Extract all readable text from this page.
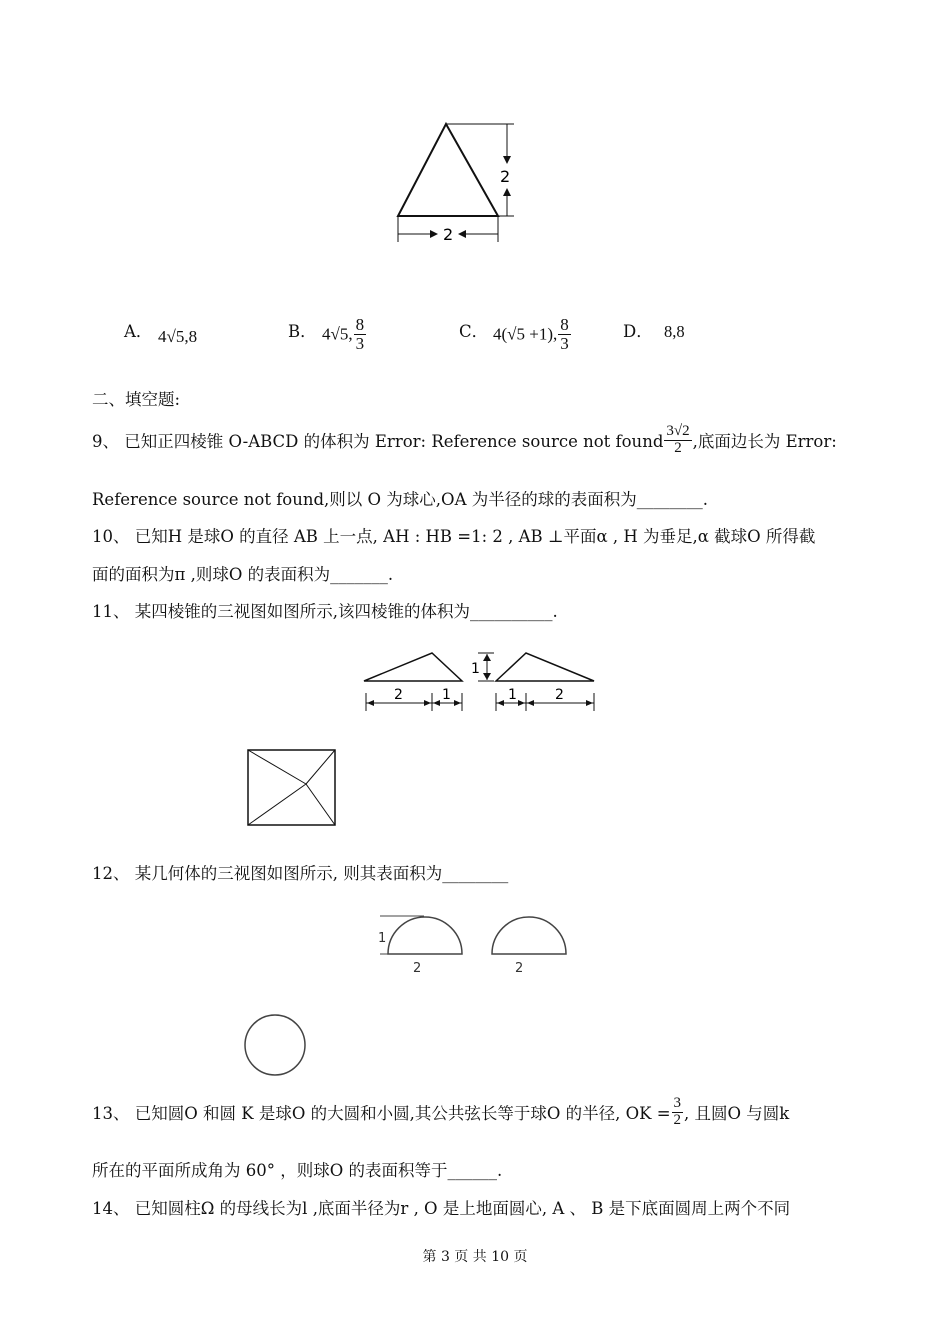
2
2
A． 4√5,8	B． 4√5, $\frac{8}{3}$	C． 4(√5 +1), $\frac{8}{3}$	D． 8,8
二、填空题:
9、 已知正四棱锥 O-ABCD 的体积为 Error: Reference source not found $\frac{3√2}{2}$ ,底面边长为 Error:
Reference source not found,则以 O 为球心,OA 为半径的球的表面积为________.
10、 已知H 是球O 的直径 AB 上一点, AH : HB =1: 2 , AB ⊥平面α , H 为垂足,α 截球O 所得截
面的面积为π ,则球O 的表面积为_______.
11、 某四棱锥的三视图如图所示,该四棱锥的体积为__________.
1
2	1	1	2
12、 某几何体的三视图如图所示, 则其表面积为________
1
2	2
13、 已知圆O 和圆 K 是球O 的大圆和小圆,其公共弦长等于球O 的半径, OK = $\frac{3}{2}$ , 且圆O 与圆k
所在的平面所成角为 60° ，则球O 的表面积等于______.
14、 已知圆柱Ω 的母线长为l ,底面半径为r , O 是上地面圆心, A 、 B 是下底面圆周上两个不同
第 3 页 共 10 页
